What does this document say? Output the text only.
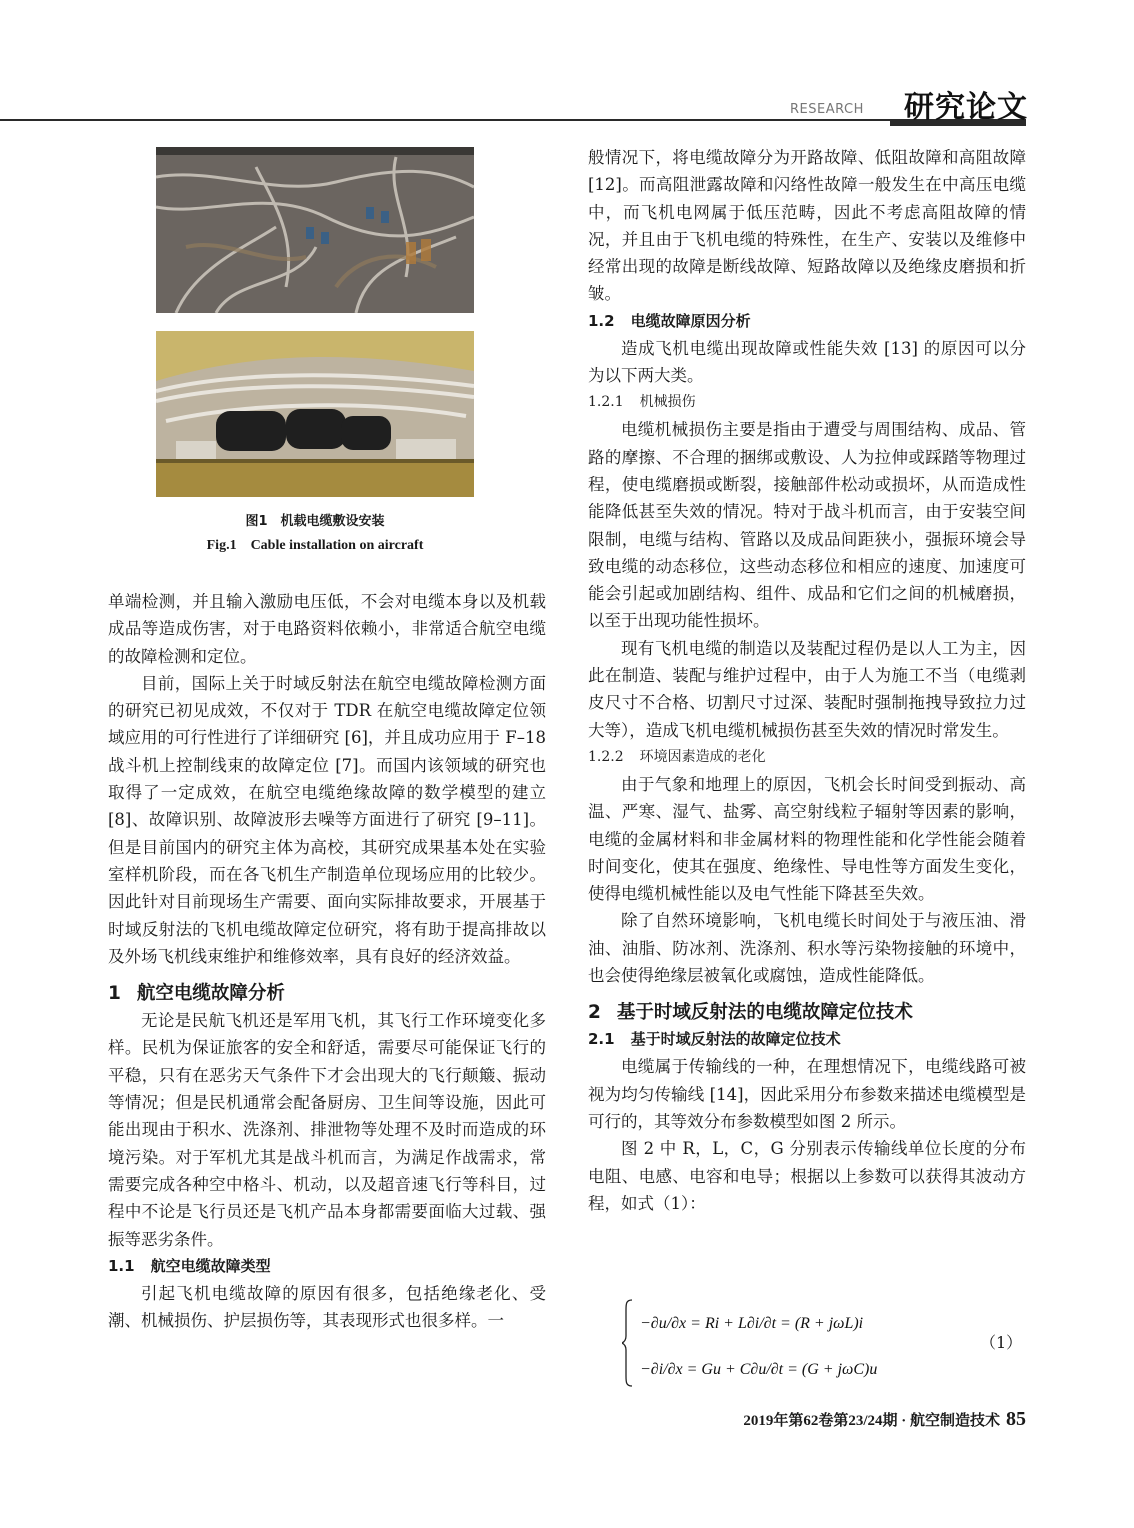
RESEARCH 研究论文
图1　机载电缆敷设安装
Fig.1　Cable installation on aircraft

单端检测，并且输入激励电压低，不会对电缆本身以及机载成品等造成伤害，对于电路资料依赖小，非常适合航空电缆的故障检测和定位。

目前，国际上关于时域反射法在航空电缆故障检测方面的研究已初见成效，不仅对于 TDR 在航空电缆故障定位领域应用的可行性进行了详细研究 [6]，并且成功应用于 F–18 战斗机上控制线束的故障定位 [7]。而国内该领域的研究也取得了一定成效，在航空电缆绝缘故障的数学模型的建立 [8]、故障识别、故障波形去噪等方面进行了研究 [9–11]。但是目前国内的研究主体为高校，其研究成果基本处在实验室样机阶段，而在各飞机生产制造单位现场应用的比较少。因此针对目前现场生产需要、面向实际排故要求，开展基于时域反射法的飞机电缆故障定位研究，将有助于提高排故以及外场飞机线束维护和维修效率，具有良好的经济效益。

1 航空电缆故障分析

无论是民航飞机还是军用飞机，其飞行工作环境变化多样。民机为保证旅客的安全和舒适，需要尽可能保证飞行的平稳，只有在恶劣天气条件下才会出现大的飞行颠簸、振动等情况；但是民机通常会配备厨房、卫生间等设施，因此可能出现由于积水、洗涤剂、排泄物等处理不及时而造成的环境污染。对于军机尤其是战斗机而言，为满足作战需求，常需要完成各种空中格斗、机动，以及超音速飞行等科目，过程中不论是飞行员还是飞机产品本身都需要面临大过载、强振等恶劣条件。

1.1 航空电缆故障类型

引起飞机电缆故障的原因有很多，包括绝缘老化、受潮、机械损伤、护层损伤等，其表现形式也很多样。一

般情况下，将电缆故障分为开路故障、低阻故障和高阻故障 [12]。而高阻泄露故障和闪络性故障一般发生在中高压电缆中，而飞机电网属于低压范畴，因此不考虑高阻故障的情况，并且由于飞机电缆的特殊性，在生产、安装以及维修中经常出现的故障是断线故障、短路故障以及绝缘皮磨损和折皱。

1.2 电缆故障原因分析

造成飞机电缆出现故障或性能失效 [13] 的原因可以分为以下两大类。

1.2.1 机械损伤

电缆机械损伤主要是指由于遭受与周围结构、成品、管路的摩擦、不合理的捆绑或敷设、人为拉伸或踩踏等物理过程，使电缆磨损或断裂，接触部件松动或损坏，从而造成性能降低甚至失效的情况。特对于战斗机而言，由于安装空间限制，电缆与结构、管路以及成品间距狭小，强振环境会导致电缆的动态移位，这些动态移位和相应的速度、加速度可能会引起或加剧结构、组件、成品和它们之间的机械磨损，以至于出现功能性损坏。

现有飞机电缆的制造以及装配过程仍是以人工为主，因此在制造、装配与维护过程中，由于人为施工不当（电缆剥皮尺寸不合格、切割尺寸过深、装配时强制拖拽导致拉力过大等），造成飞机电缆机械损伤甚至失效的情况时常发生。

1.2.2 环境因素造成的老化

由于气象和地理上的原因，飞机会长时间受到振动、高温、严寒、湿气、盐雾、高空射线粒子辐射等因素的影响，电缆的金属材料和非金属材料的物理性能和化学性能会随着时间变化，使其在强度、绝缘性、导电性等方面发生变化，使得电缆机械性能以及电气性能下降甚至失效。

除了自然环境影响，飞机电缆长时间处于与液压油、滑油、油脂、防冰剂、洗涤剂、积水等污染物接触的环境中，也会使得绝缘层被氧化或腐蚀，造成性能降低。

2 基于时域反射法的电缆故障定位技术

2.1 基于时域反射法的故障定位技术

电缆属于传输线的一种，在理想情况下，电缆线路可被视为均匀传输线 [14]，因此采用分布参数来描述电缆模型是可行的，其等效分布参数模型如图 2 所示。

图 2 中 R，L，C，G 分别表示传输线单位长度的分布电阻、电感、电容和电导；根据以上参数可以获得其波动方程，如式（1）：

−∂u/∂x = Ri + L∂i/∂t = (R + jωL)i
−∂i/∂x = Gu + C∂u/∂t = (G + jωC)u
（1）
2019年第62卷第23/24期 · 航空制造技术 85
